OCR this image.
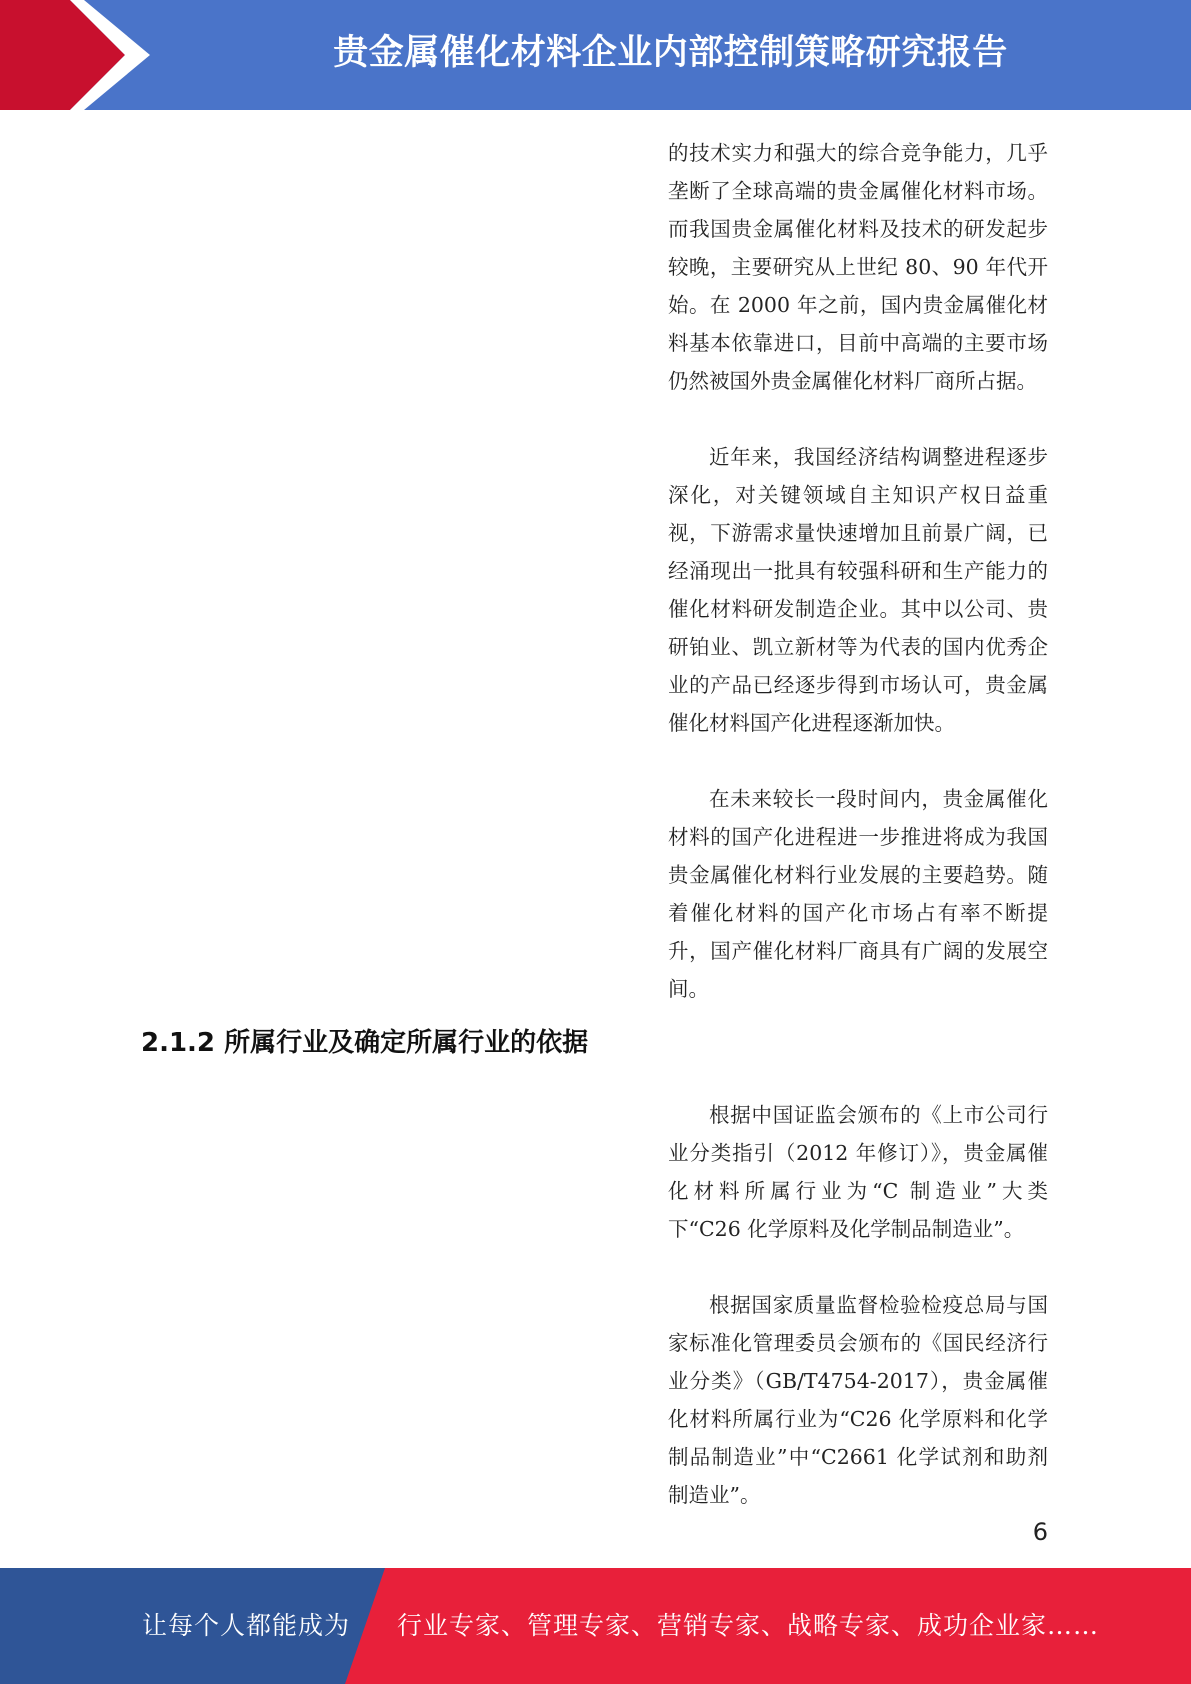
贵金属催化材料企业内部控制策略研究报告

的技术实力和强大的综合竞争能力，几乎垄断了全球高端的贵金属催化材料市场。而我国贵金属催化材料及技术的研发起步较晚，主要研究从上世纪 80、90 年代开始。在 2000 年之前，国内贵金属催化材料基本依靠进口，目前中高端的主要市场仍然被国外贵金属催化材料厂商所占据。

近年来，我国经济结构调整进程逐步深化，对关键领域自主知识产权日益重视，下游需求量快速增加且前景广阔，已经涌现出一批具有较强科研和生产能力的催化材料研发制造企业。其中以公司、贵研铂业、凯立新材等为代表的国内优秀企业的产品已经逐步得到市场认可，贵金属催化材料国产化进程逐渐加快。

在未来较长一段时间内，贵金属催化材料的国产化进程进一步推进将成为我国贵金属催化材料行业发展的主要趋势。随着催化材料的国产化市场占有率不断提升，国产催化材料厂商具有广阔的发展空间。

2.1.2 所属行业及确定所属行业的依据

根据中国证监会颁布的《上市公司行业分类指引（2012 年修订）》，贵金属催化材料所属行业为“C 制造业”大类下“C26 化学原料及化学制品制造业”。

根据国家质量监督检验检疫总局与国家标准化管理委员会颁布的《国民经济行业分类》（GB/T4754-2017），贵金属催化材料所属行业为“C26 化学原料和化学制品制造业”中“C2661 化学试剂和助剂制造业”。

6
让每个人都能成为 行业专家、管理专家、营销专家、战略专家、成功企业家……
